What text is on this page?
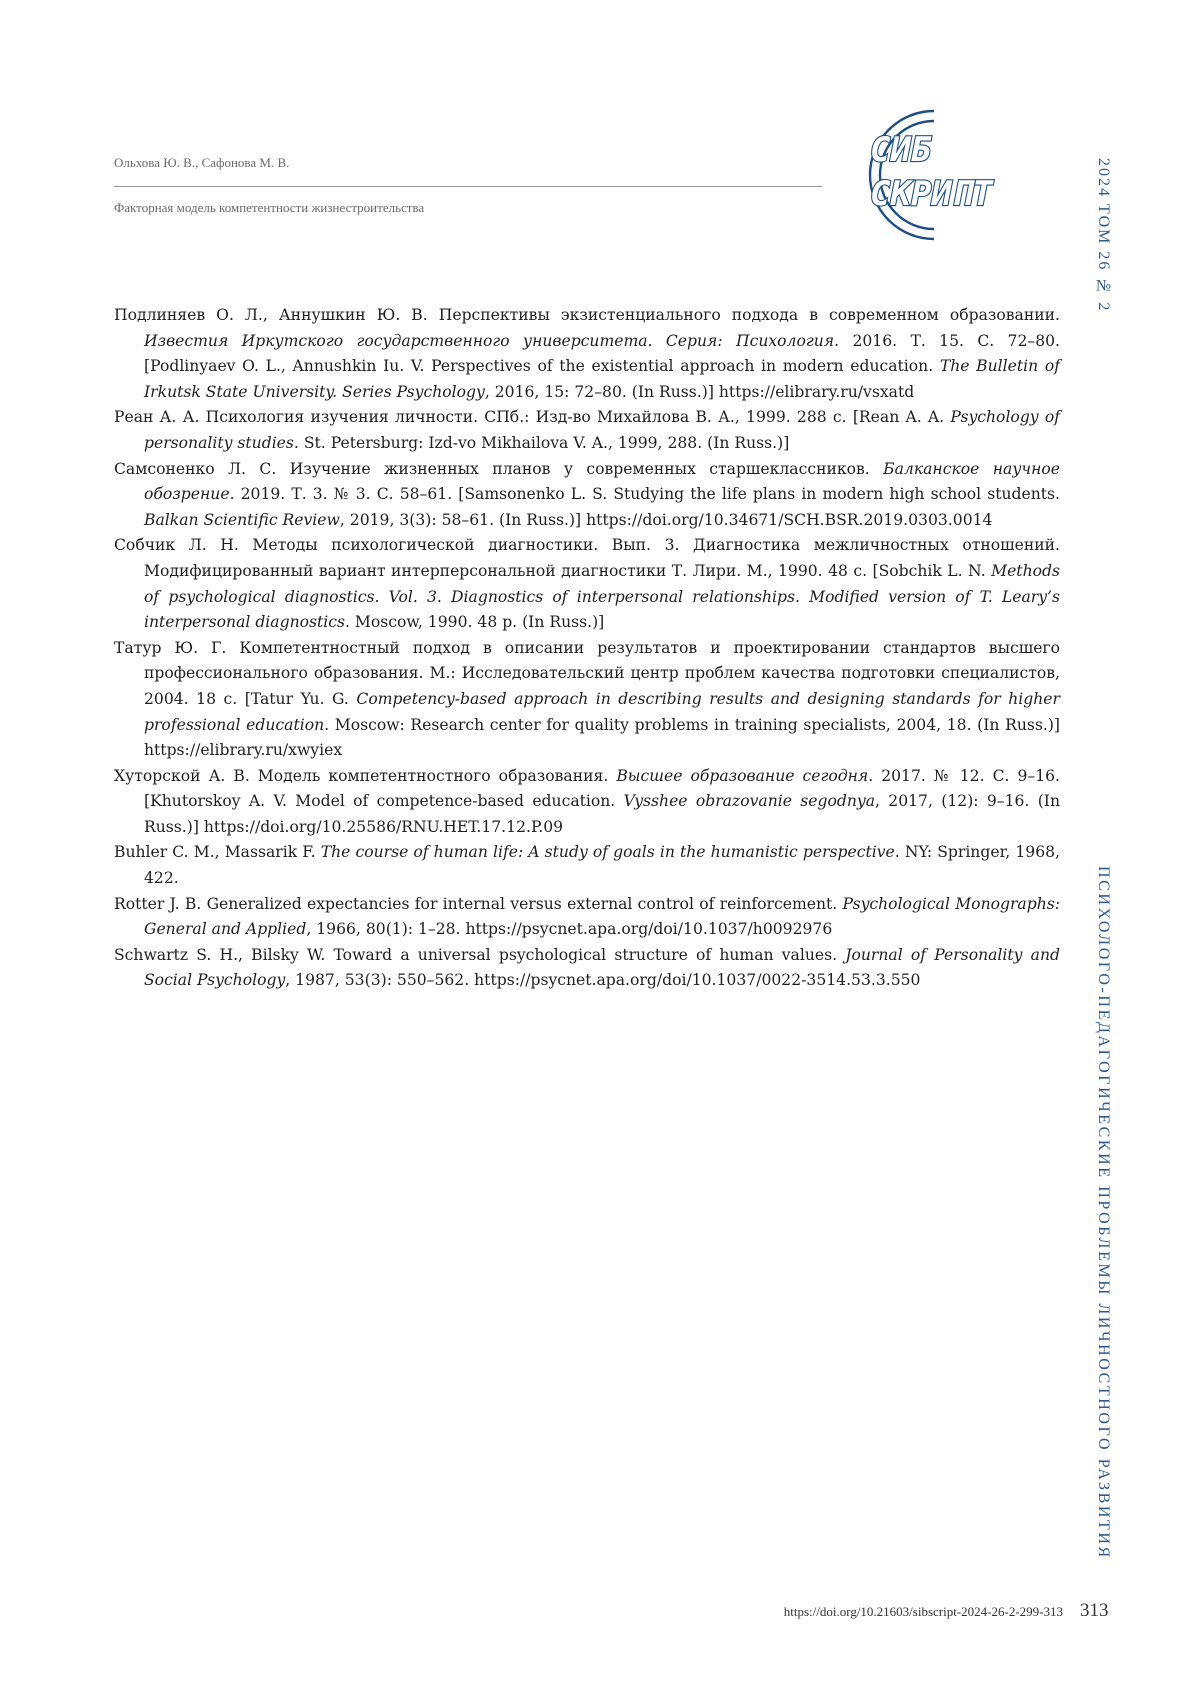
Ольхова Ю. В., Сафонова М. В.
Факторная модель компетентности жизнестроительства
СИБ
СКРИПТ	2024 ТОМ 26 № 2
ПСИХОЛОГО-ПЕДАГОГИЧЕСКИЕ ПРОБЛЕМЫ ЛИЧНОСТНОГО РАЗВИТИЯ
Подлиняев О. Л., Аннушкин Ю. В. Перспективы экзистенциального подхода в современном образовании. Известия Иркутского государственного университета. Серия: Психология. 2016. Т. 15. С. 72–80. [Podlinyaev O. L., Annushkin Iu. V. Perspectives of the existential approach in modern education. The Bulletin of Irkutsk State University. Series Psychology, 2016, 15: 72–80. (In Russ.)] https://elibrary.ru/vsxatd
Реан А. А. Психология изучения личности. СПб.: Изд-во Михайлова В. А., 1999. 288 с. [Rean A. A. Psychology of personality studies. St. Petersburg: Izd-vo Mikhailova V. A., 1999, 288. (In Russ.)]
Самсоненко Л. С. Изучение жизненных планов у современных старшеклассников. Балканское научное обозрение. 2019. Т. 3. № 3. С. 58–61. [Samsonenko L. S. Studying the life plans in modern high school students. Balkan Scientific Review, 2019, 3(3): 58–61. (In Russ.)] https://doi.org/10.34671/SCH.BSR.2019.0303.0014
Собчик Л. Н. Методы психологической диагностики. Вып. 3. Диагностика межличностных отношений. Модифицированный вариант интерперсональной диагностики Т. Лири. М., 1990. 48 с. [Sobchik L. N. Methods of psychological diagnostics. Vol. 3. Diagnostics of interpersonal relationships. Modified version of T. Leary’s interpersonal diagnostics. Moscow, 1990. 48 p. (In Russ.)]
Татур Ю. Г. Компетентностный подход в описании результатов и проектировании стандартов высшего профессионального образования. М.: Исследовательский центр проблем качества подготовки специалистов, 2004. 18 с. [Tatur Yu. G. Competency-based approach in describing results and designing standards for higher professional education. Moscow: Research center for quality problems in training specialists, 2004, 18. (In Russ.)] https://elibrary.ru/xwyiex
Хуторской А. В. Модель компетентностного образования. Высшее образование сегодня. 2017. № 12. С. 9–16. [Khutorskoy A. V. Model of competence-based education. Vysshee obrazovanie segodnya, 2017, (12): 9–16. (In Russ.)] https://doi.org/10.25586/RNU.HET.17.12.P.09
Buhler C. M., Massarik F. The course of human life: A study of goals in the humanistic perspective. NY: Springer, 1968, 422.
Rotter J. B. Generalized expectancies for internal versus external control of reinforcement. Psychological Monographs: General and Applied, 1966, 80(1): 1–28. https://psycnet.apa.org/doi/10.1037/h0092976
Schwartz S. H., Bilsky W. Toward a universal psychological structure of human values. Journal of Personality and Social Psychology, 1987, 53(3): 550–562. https://psycnet.apa.org/doi/10.1037/0022-3514.53.3.550
https://doi.org/10.21603/sibscript-2024-26-2-299-313 313
